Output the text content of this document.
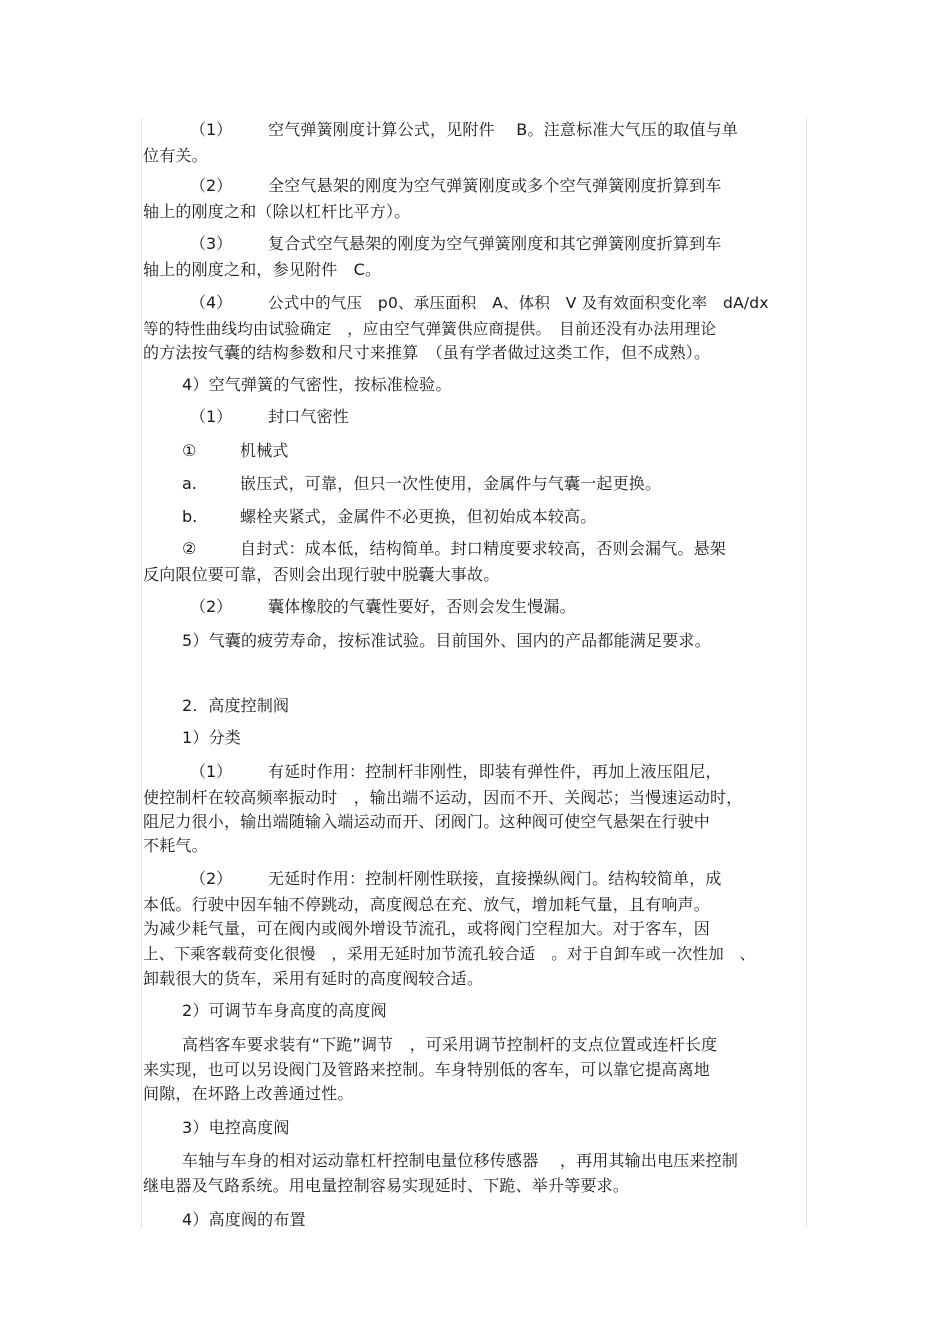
（1） 空气弹簧刚度计算公式，见附件　 B。注意标准大气压的取值与单
位有关。
（2） 全空气悬架的刚度为空气弹簧刚度或多个空气弹簧刚度折算到车
轴上的刚度之和（除以杠杆比平方）。
（3） 复合式空气悬架的刚度为空气弹簧刚度和其它弹簧刚度折算到车
轴上的刚度之和，参见附件　C。
（4） 公式中的气压　p0、承压面积　A、体积　V 及有效面积变化率　dA/dx
等的特性曲线均由试验确定　，应由空气弹簧供应商提供。　目前还没有办法用理论
的方法按气囊的结构参数和尺寸来推算　（虽有学者做过这类工作，但不成熟）。
4）空气弹簧的气密性，按标准检验。
（1） 封口气密性
①	机械式
a.	嵌压式，可靠，但只一次性使用，金属件与气囊一起更换。
b.	螺栓夹紧式，金属件不必更换，但初始成本较高。
②	自封式：成本低，结构简单。封口精度要求较高，否则会漏气。悬架
反向限位要可靠，否则会出现行驶中脱囊大事故。
（2） 囊体橡胶的气囊性要好，否则会发生慢漏。
5）气囊的疲劳寿命，按标准试验。目前国外、国内的产品都能满足要求。
2.  高度控制阀
1）分类
（1） 有延时作用：控制杆非刚性，即装有弹性件，再加上液压阻尼，
使控制杆在较高频率振动时　，输出端不运动，因而不开、关阀芯；当慢速运动时，
阻尼力很小，输出端随输入端运动而开、闭阀门。这种阀可使空气悬架在行驶中
不耗气。
（2） 无延时作用：控制杆刚性联接，直接操纵阀门。结构较简单，成
本低。行驶中因车轴不停跳动，高度阀总在充、放气，增加耗气量，且有响声。
为减少耗气量，可在阀内或阀外增设节流孔，或将阀门空程加大。对于客车，因
上、下乘客载荷变化很慢　，采用无延时加节流孔较合适　。对于自卸车或一次性加　、
卸载很大的货车，采用有延时的高度阀较合适。
2）可调节车身高度的高度阀
高档客车要求装有“下跪”调节　，可采用调节控制杆的支点位置或连杆长度
来实现，也可以另设阀门及管路来控制。车身特别低的客车，可以靠它提高离地
间隙，在坏路上改善通过性。
3）电控高度阀
车轴与车身的相对运动靠杠杆控制电量位移传感器　 ，再用其输出电压来控制
继电器及气路系统。用电量控制容易实现延时、下跪、举升等要求。
4）高度阀的布置
